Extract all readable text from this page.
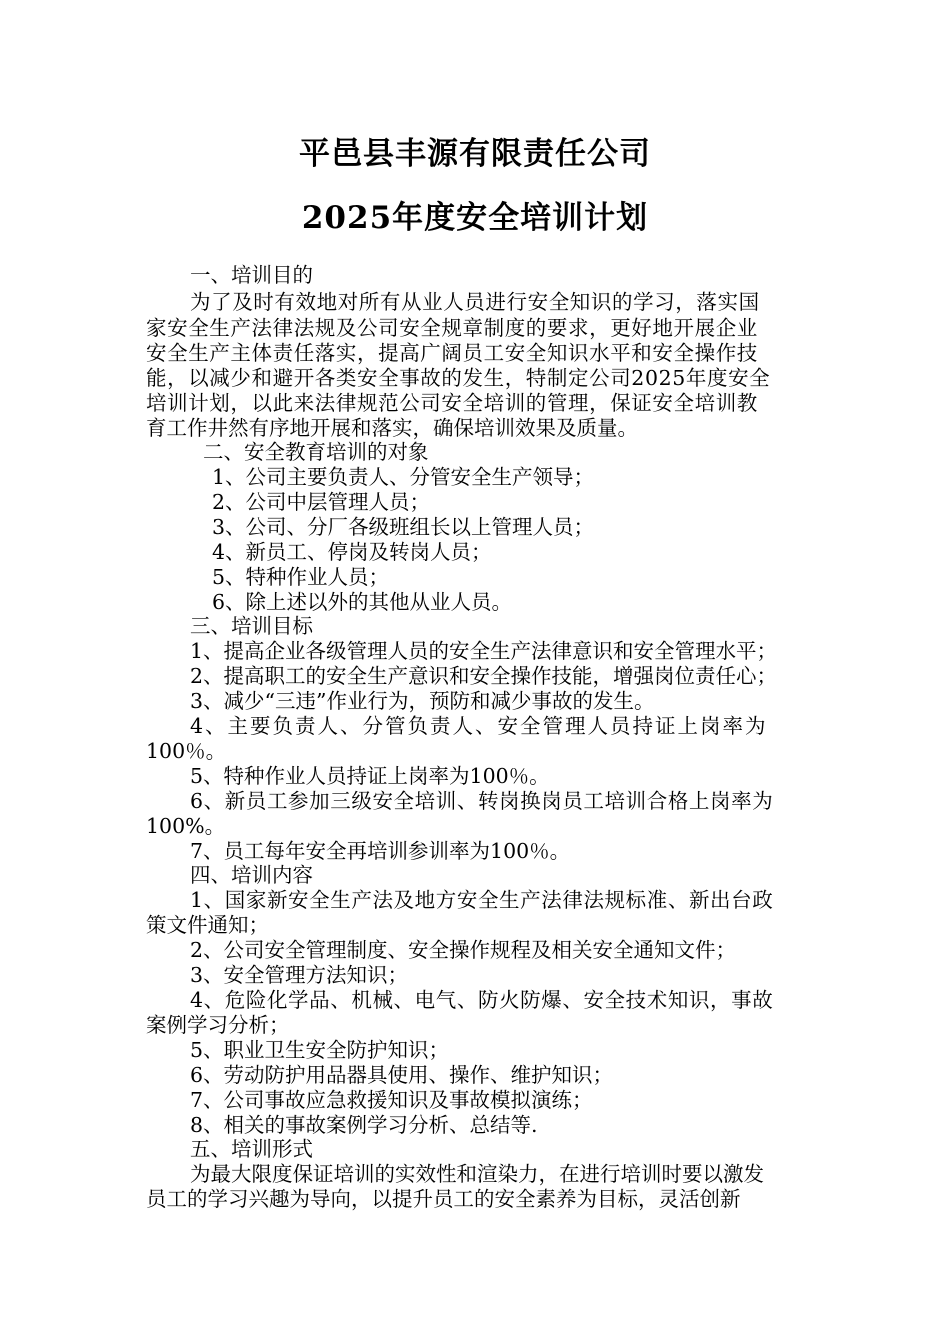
平邑县丰源有限责任公司
2025年度安全培训计划
一、培训目的
为了及时有效地对所有从业人员进行安全知识的学习，落实国
家安全生产法律法规及公司安全规章制度的要求，更好地开展企业
安全生产主体责任落实，提高广阔员工安全知识水平和安全操作技
能，以减少和避开各类安全事故的发生，特制定公司2025年度安全
培训计划，以此来法律规范公司安全培训的管理，保证安全培训教
育工作井然有序地开展和落实，确保培训效果及质量。
二、安全教育培训的对象
1、公司主要负责人、分管安全生产领导；
2、公司中层管理人员；
3、公司、分厂各级班组长以上管理人员；
4、新员工、停岗及转岗人员；
5、特种作业人员；
6、除上述以外的其他从业人员。
三、培训目标
1、提高企业各级管理人员的安全生产法律意识和安全管理水平；
2、提高职工的安全生产意识和安全操作技能，增强岗位责任心；
3、减少“三违”作业行为，预防和减少事故的发生。
4、主要负责人、分管负责人、安全管理人员持证上岗率为
100％。
5、特种作业人员持证上岗率为100％。
6、新员工参加三级安全培训、转岗换岗员工培训合格上岗率为
100%。
7、员工每年安全再培训参训率为100％。
四、培训内容
1、国家新安全生产法及地方安全生产法律法规标准、新出台政
策文件通知；
2、公司安全管理制度、安全操作规程及相关安全通知文件；
3、安全管理方法知识；
4、危险化学品、机械、电气、防火防爆、安全技术知识，事故
案例学习分析；
5、职业卫生安全防护知识；
6、劳动防护用品器具使用、操作、维护知识；
7、公司事故应急救援知识及事故模拟演练；
8、相关的事故案例学习分析、总结等.
五、培训形式
为最大限度保证培训的实效性和渲染力，在进行培训时要以激发
员工的学习兴趣为导向，以提升员工的安全素养为目标，灵活创新
